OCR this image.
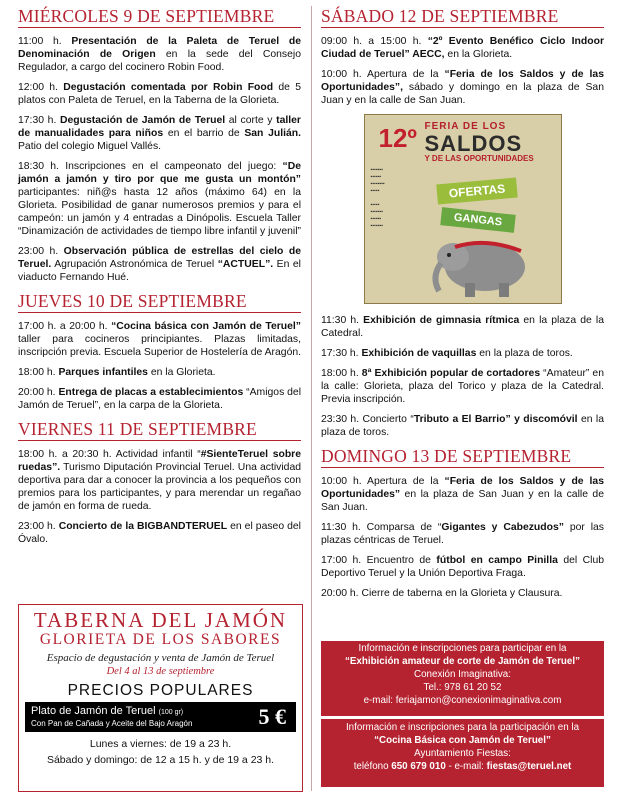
MIÉRCOLES 9 DE SEPTIEMBRE

11:00 h. Presentación de la Paleta de Teruel de Denominación de Origen en la sede del Consejo Regulador, a cargo del cocinero Robin Food.

12:00 h. Degustación comentada por Robin Food de 5 platos con Paleta de Teruel, en la Taberna de la Glorieta.

17:30 h. Degustación de Jamón de Teruel al corte y taller de manualidades para niños en el barrio de San Julián. Patio del colegio Miguel Vallés.

18:30 h. Inscripciones en el campeonato del juego: “De jamón a jamón y tiro por que me gusta un montón” participantes: niñ@s hasta 12 años (máximo 64) en la Glorieta. Posibilidad de ganar numerosos premios y para el campeón: un jamón y 4 entradas a Dinópolis. Escuela Taller “Dinamización de actividades de tiempo libre infantil y juvenil”

23:00 h. Observación pública de estrellas del cielo de Teruel. Agrupación Astronómica de Teruel “ACTUEL”. En el viaducto Fernando Hué.

JUEVES 10 DE SEPTIEMBRE

17:00 h. a 20:00 h. “Cocina básica con Jamón de Teruel” taller para cocineros principiantes. Plazas limitadas, inscripción previa. Escuela Superior de Hostelería de Aragón.

18:00 h. Parques infantiles en la Glorieta.

20:00 h. Entrega de placas a establecimientos “Amigos del Jamón de Teruel”, en la carpa de la Glorieta.

VIERNES 11 DE SEPTIEMBRE

18:00 h. a 20:30 h. Actividad infantil “#SienteTeruel sobre ruedas”. Turismo Diputación Provincial Teruel. Una actividad deportiva para dar a conocer la provincia a los pequeños con premios para los participantes, y para merendar un regañao de jamón en forma de rueda.

23:00 h. Concierto de la BIGBANDTERUEL en el paseo del Óvalo.

TABERNA DEL JAMÓN
GLORIETA DE LOS SABORES
Espacio de degustación y venta de Jamón de Teruel
Del 4 al 13 de septiembre
PRECIOS POPULARES
Plato de Jamón de Teruel (100 gr)
Con Pan de Cañada y Aceite del Bajo Aragón	5 €
Lunes a viernes: de 19 a 23 h.
Sábado y domingo: de 12 a 15 h. y de 19 a 23 h.
SÁBADO 12 DE SEPTIEMBRE

09:00 h. a 15:00 h. “2º Evento Benéfico Ciclo Indoor Ciudad de Teruel” AECC, en la Glorieta.

10:00 h. Apertura de la “Feria de los Saldos y de las Oportunidades”, sábado y domingo en la plaza de San Juan y en la calle de San Juan.

12º FERIA DE LOS
SALDOS
Y DE LAS OPORTUNIDADES
▪▪▪▪▪▪▪
▪▪▪▪▪▪
▪▪▪▪▪▪▪▪
▪▪▪▪▪

▪▪▪▪▪
▪▪▪▪▪▪▪
▪▪▪▪▪▪
▪▪▪▪▪▪▪
OFERTAS
GANGAS

11:30 h. Exhibición de gimnasia rítmica en la plaza de la Catedral.

17:30 h. Exhibición de vaquillas en la plaza de toros.

18:00 h. 8ª Exhibición popular de cortadores “Amateur” en la calle: Glorieta, plaza del Torico y plaza de la Catedral. Previa inscripción.

23:30 h. Concierto “Tributo a El Barrio” y discomóvil en la plaza de toros.

DOMINGO 13 DE SEPTIEMBRE

10:00 h. Apertura de la “Feria de los Saldos y de las Oportunidades” en la plaza de San Juan y en la calle de San Juan.

11:30 h. Comparsa de “Gigantes y Cabezudos” por las plazas céntricas de Teruel.

17:00 h. Encuentro de fútbol en campo Pinilla del Club Deportivo Teruel y la Unión Deportiva Fraga.

20:00 h. Cierre de taberna en la Glorieta y Clausura.

Información e inscripciones para participar en la
“Exhibición amateur de corte de Jamón de Teruel”
Conexión Imaginativa:
Tel.: 978 61 20 52
e-mail: feriajamon@conexionimaginativa.com
Información e inscripciones para la participación en la
“Cocina Básica con Jamón de Teruel”
Ayuntamiento Fiestas:
teléfono 650 679 010 - e-mail: fiestas@teruel.net
